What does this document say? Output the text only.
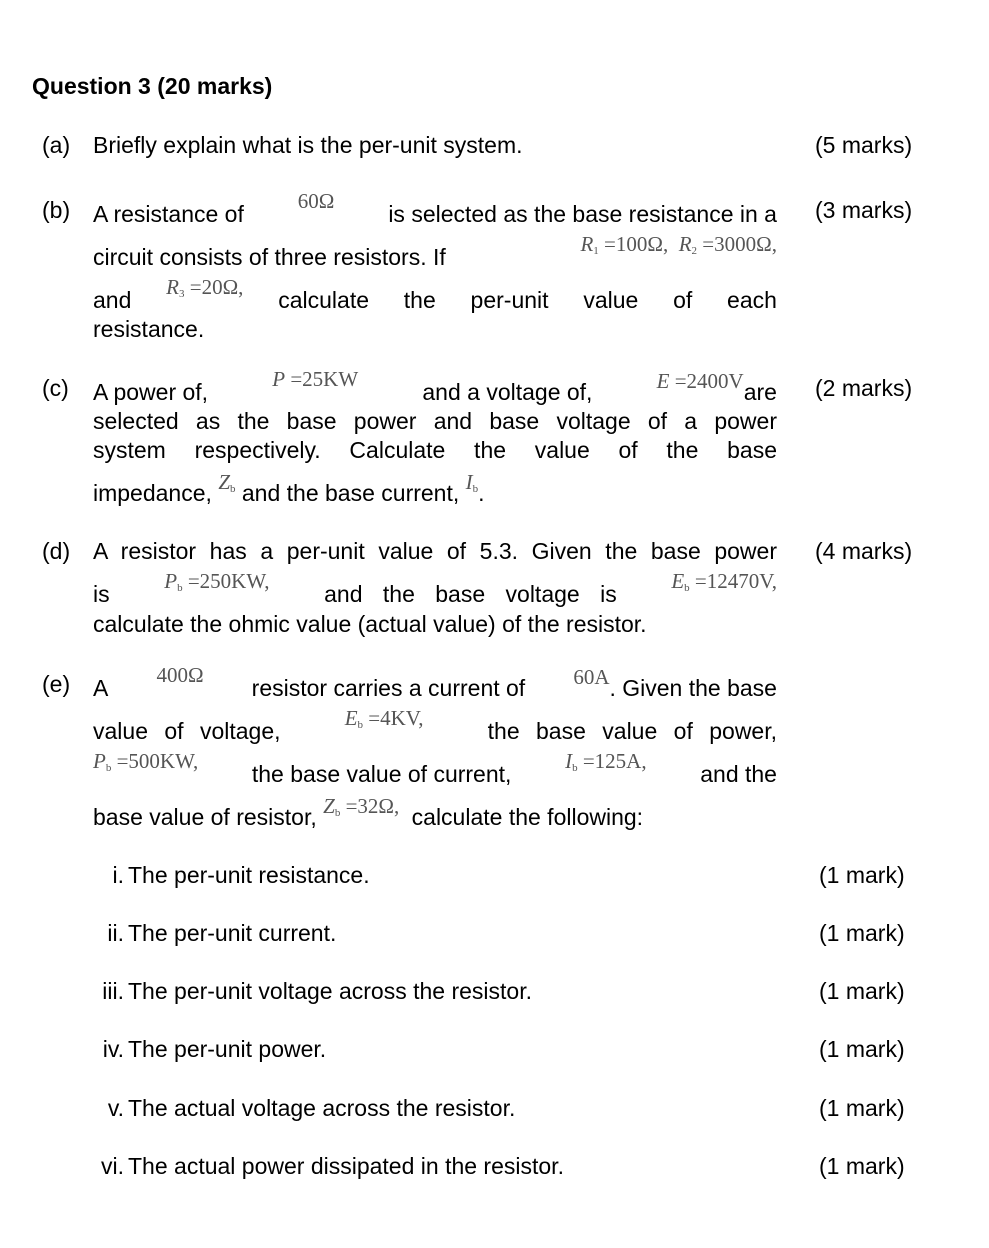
Question 3 (20 marks)
(a) Briefly explain what is the per-unit system.	(5 marks)
(b)	(3 marks)
A resistance of	60Ω is selected as the base resistance in a
circuit consists of three resistors. If	$R_1 =100\Omega$, $R_2 =3000\Omega$,
and $R_3 =20\Omega$, calculate the per-unit value of each
resistance.
(c)	(2 marks)
A power of,	P =25KW	and a voltage of,	E =2400Vare
selected as the base power and base voltage of a power
system respectively. Calculate the value of the base
impedance, $Z_b$ and the base current, $I_b$.
(d)	(4 marks)
A resistor has a per-unit value of 5.3. Given the base power
is	$P_b =250KW$, and the base voltage is	$E_b =12470V$,
calculate the ohmic value (actual value) of the resistor.
(e) A 400Ω resistor carries a current of 60A. Given the base
value of voltage,	$E_b =4KV$,	the base value of power,
$P_b =500KW$, the base value of current,	$I_b =125A$, and the
base value of resistor, $Z_b =32\Omega$, calculate the following:
i. The per-unit resistance.	(1 mark)
ii. The per-unit current.	(1 mark)
iii. The per-unit voltage across the resistor.	(1 mark)
iv. The per-unit power.	(1 mark)
v. The actual voltage across the resistor.	(1 mark)
vi. The actual power dissipated in the resistor.	(1 mark)
